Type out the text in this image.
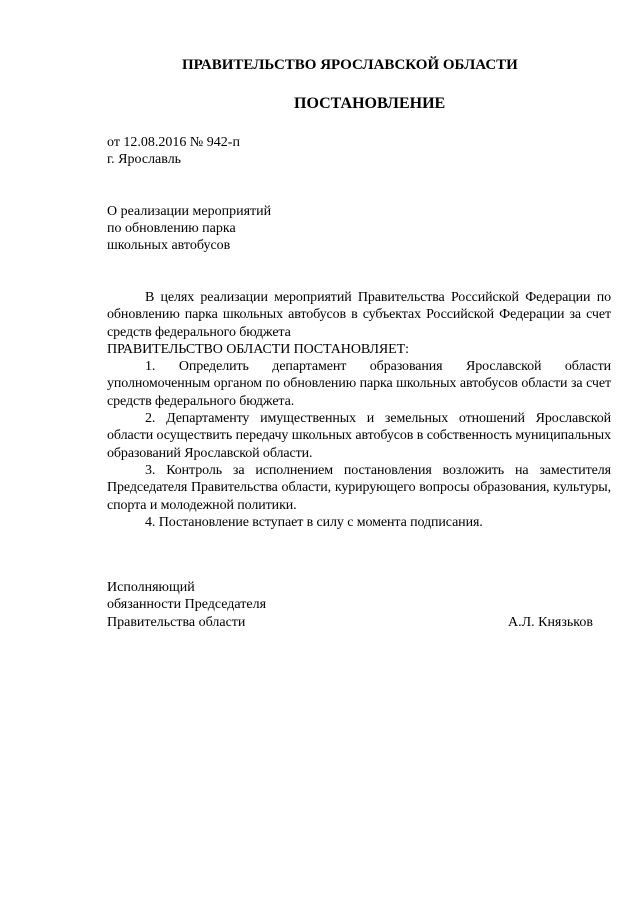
ПРАВИТЕЛЬСТВО ЯРОСЛАВСКОЙ ОБЛАСТИ
ПОСТАНОВЛЕНИЕ
от 12.08.2016 № 942-п
г. Ярославль
О реализации мероприятий
по обновлению парка
школьных автобусов

В целях реализации мероприятий Правительства Российской Федерации по обновлению парка школьных автобусов в субъектах Российской Федерации за счет средств федерального бюджета

ПРАВИТЕЛЬСТВО ОБЛАСТИ ПОСТАНОВЛЯЕТ:

1. Определить департамент образования Ярославской области уполномоченным органом по обновлению парка школьных автобусов области за счет средств федерального бюджета.

2. Департаменту имущественных и земельных отношений Ярославской области осуществить передачу школьных автобусов в собственность муниципальных образований Ярославской области.

3. Контроль за исполнением постановления возложить на заместителя Председателя Правительства области, курирующего вопросы образования, культуры, спорта и молодежной политики.

4. Постановление вступает в силу с момента подписания.

Исполняющий
обязанности Председателя
Правительства области	А.Л. Князьков
